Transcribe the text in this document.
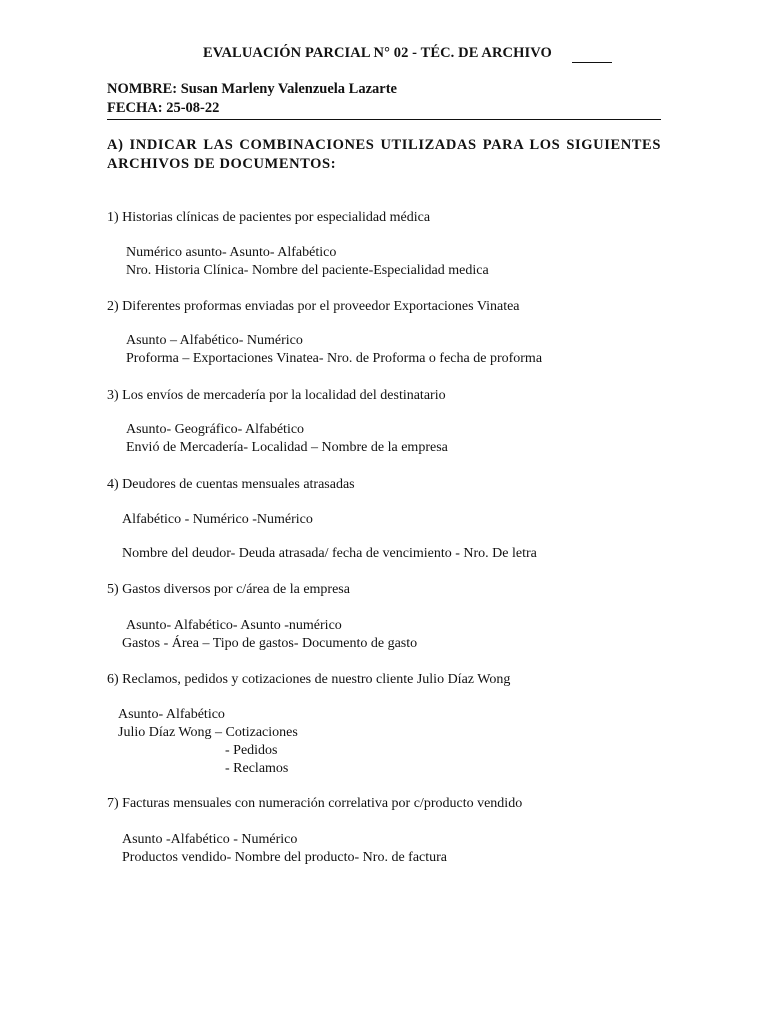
EVALUACIÓN PARCIAL N° 02 - TÉC. DE ARCHIVO
NOMBRE: Susan Marleny Valenzuela Lazarte
FECHA: 25-08-22
A) INDICAR LAS COMBINACIONES UTILIZADAS PARA LOS SIGUIENTES ARCHIVOS DE DOCUMENTOS:
1) Historias clínicas de pacientes por especialidad médica
Numérico asunto- Asunto- Alfabético
Nro. Historia Clínica- Nombre del paciente-Especialidad medica
2) Diferentes proformas enviadas por el proveedor Exportaciones Vinatea
Asunto – Alfabético- Numérico
Proforma – Exportaciones Vinatea- Nro. de Proforma o fecha de proforma
3) Los envíos de mercadería por la localidad del destinatario
Asunto- Geográfico- Alfabético
Envió de Mercadería- Localidad – Nombre de la empresa
4) Deudores de cuentas mensuales atrasadas
Alfabético - Numérico -Numérico
Nombre del deudor- Deuda atrasada/ fecha de vencimiento - Nro. De letra
5) Gastos diversos por c/área de la empresa
Asunto- Alfabético- Asunto -numérico
Gastos - Área – Tipo de gastos- Documento de gasto
6) Reclamos, pedidos y cotizaciones de nuestro cliente Julio Díaz Wong
Asunto- Alfabético
Julio Díaz Wong – Cotizaciones
- Pedidos
- Reclamos
7) Facturas mensuales con numeración correlativa por c/producto vendido
Asunto -Alfabético - Numérico
Productos vendido- Nombre del producto- Nro. de factura
